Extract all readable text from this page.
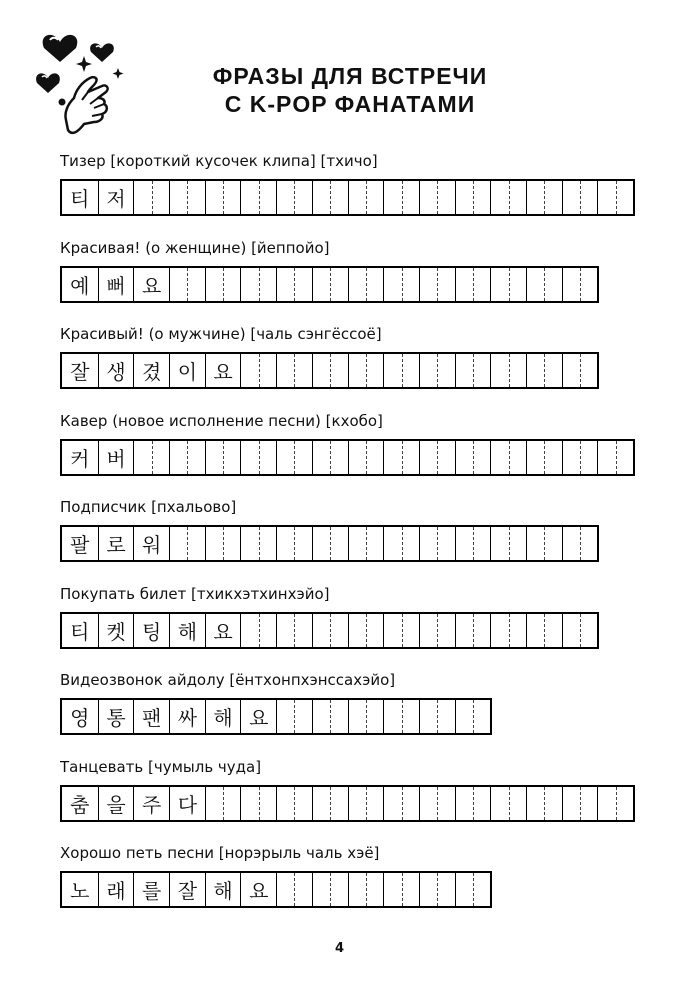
ФРАЗЫ ДЛЯ ВСТРЕЧИ
С K-POP ФАНАТАМИ
Тизер [короткий кусочек клипа] [тхичо]
티 저
Красивая! (о женщине) [йеппойо]
예 뻐 요
Красивый! (о мужчине) [чаль сэнгёссоё]
잘 생 겼 이 요
Кавер (новое исполнение песни) [кхобо]
커 버
Подписчик [пхальово]
팔 로 워
Покупать билет [тхикхэтхинхэйо]
티 켓 팅 해 요
Видеозвонок айдолу [ёнтхонпхэнссахэйо]
영 통 팬 싸 해 요
Танцевать [чумыль чуда]
춤 을 주 다
Хорошо петь песни [норэрыль чаль хэё]
노 래 를 잘 해 요
4
